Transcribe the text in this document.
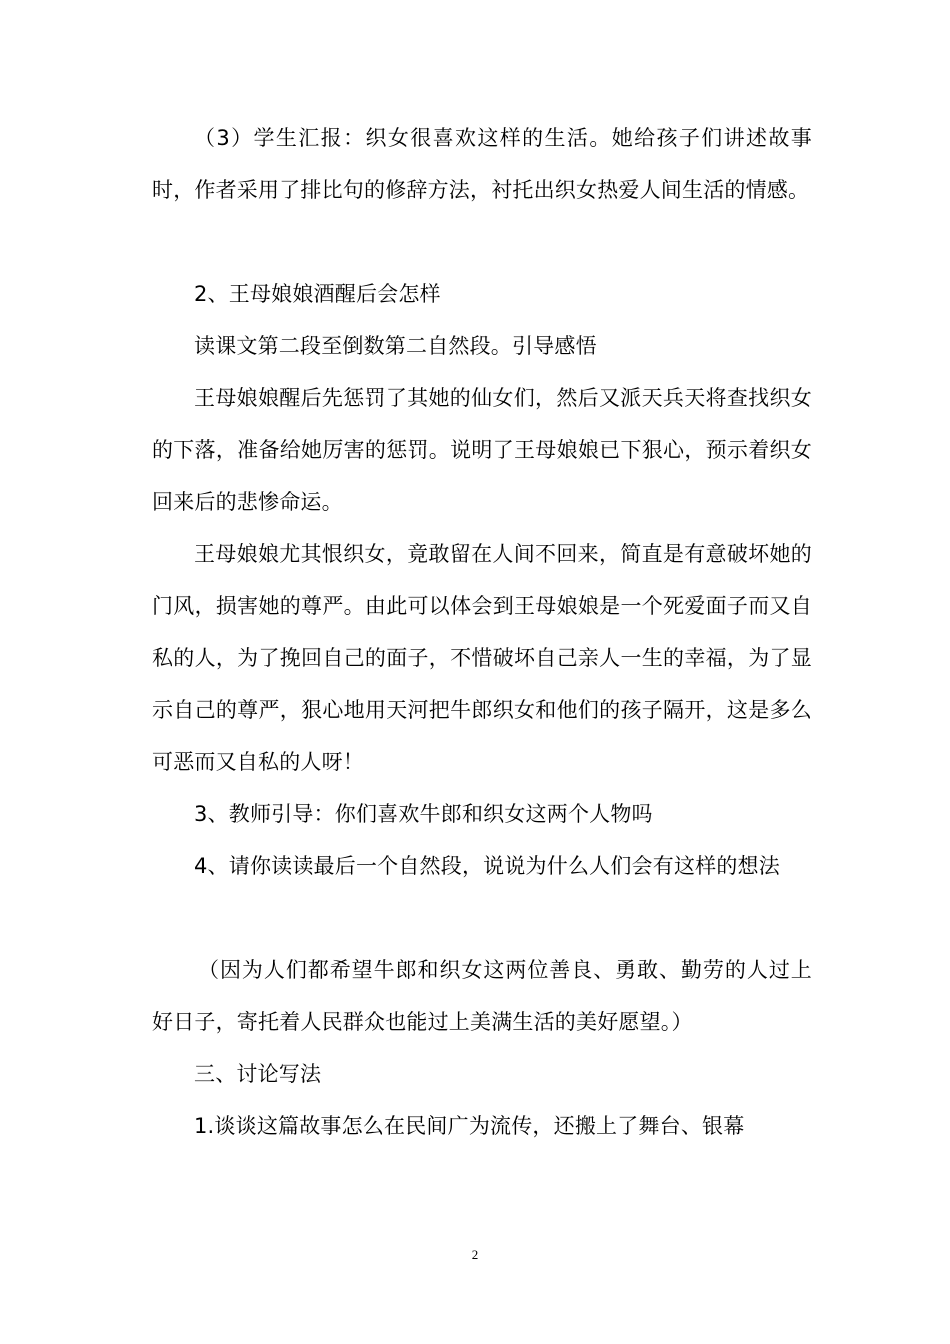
（3）学生汇报：织女很喜欢这样的生活。她给孩子们讲述故事时，作者采用了排比句的修辞方法，衬托出织女热爱人间生活的情感。

2、王母娘娘酒醒后会怎样

读课文第二段至倒数第二自然段。引导感悟

王母娘娘醒后先惩罚了其她的仙女们，然后又派天兵天将查找织女的下落，准备给她厉害的惩罚。说明了王母娘娘已下狠心，预示着织女回来后的悲惨命运。

王母娘娘尤其恨织女，竟敢留在人间不回来，简直是有意破坏她的门风，损害她的尊严。由此可以体会到王母娘娘是一个死爱面子而又自私的人，为了挽回自己的面子，不惜破坏自己亲人一生的幸福，为了显示自己的尊严，狠心地用天河把牛郎织女和他们的孩子隔开，这是多么可恶而又自私的人呀！

3、教师引导：你们喜欢牛郎和织女这两个人物吗

4、请你读读最后一个自然段，说说为什么人们会有这样的想法

（因为人们都希望牛郎和织女这两位善良、勇敢、勤劳的人过上好日子，寄托着人民群众也能过上美满生活的美好愿望。）

三、讨论写法

1.谈谈这篇故事怎么在民间广为流传，还搬上了舞台、银幕

2
